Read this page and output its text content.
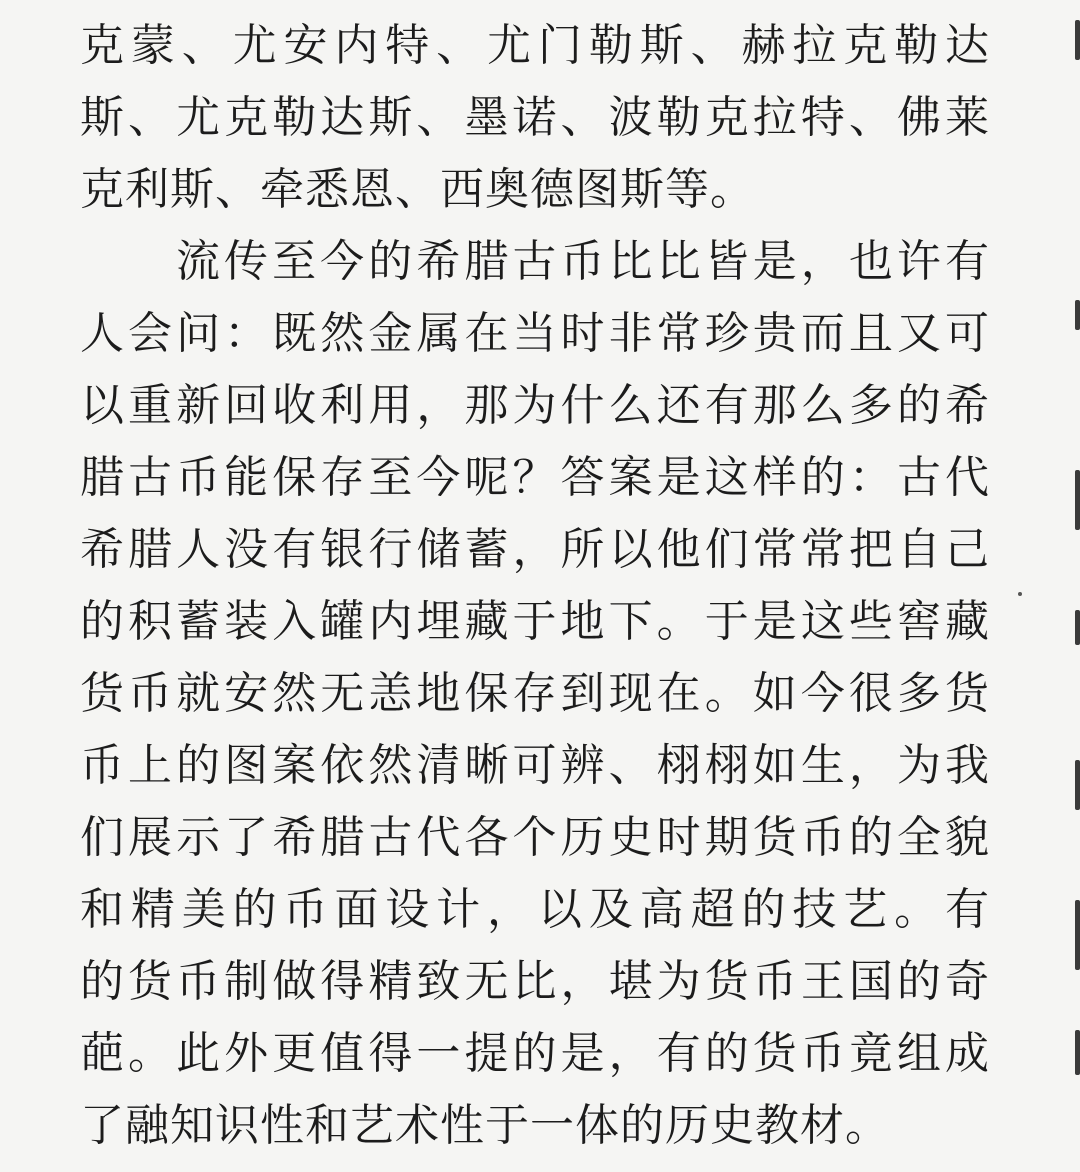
克蒙、尤安内特、尤门勒斯、赫拉克勒达
斯、尤克勒达斯、墨诺、波勒克拉特、佛莱
克利斯、牵悉恩、西奥德图斯等。
流传至今的希腊古币比比皆是，也许有
人会问：既然金属在当时非常珍贵而且又可
以重新回收利用，那为什么还有那么多的希
腊古币能保存至今呢？答案是这样的：古代
希腊人没有银行储蓄，所以他们常常把自己
的积蓄装入罐内埋藏于地下。于是这些窖藏
货币就安然无恙地保存到现在。如今很多货
币上的图案依然清晰可辨、栩栩如生，为我
们展示了希腊古代各个历史时期货币的全貌
和精美的币面设计，以及高超的技艺。有
的货币制做得精致无比，堪为货币王国的奇
葩。此外更值得一提的是，有的货币竟组成
了融知识性和艺术性于一体的历史教材。
